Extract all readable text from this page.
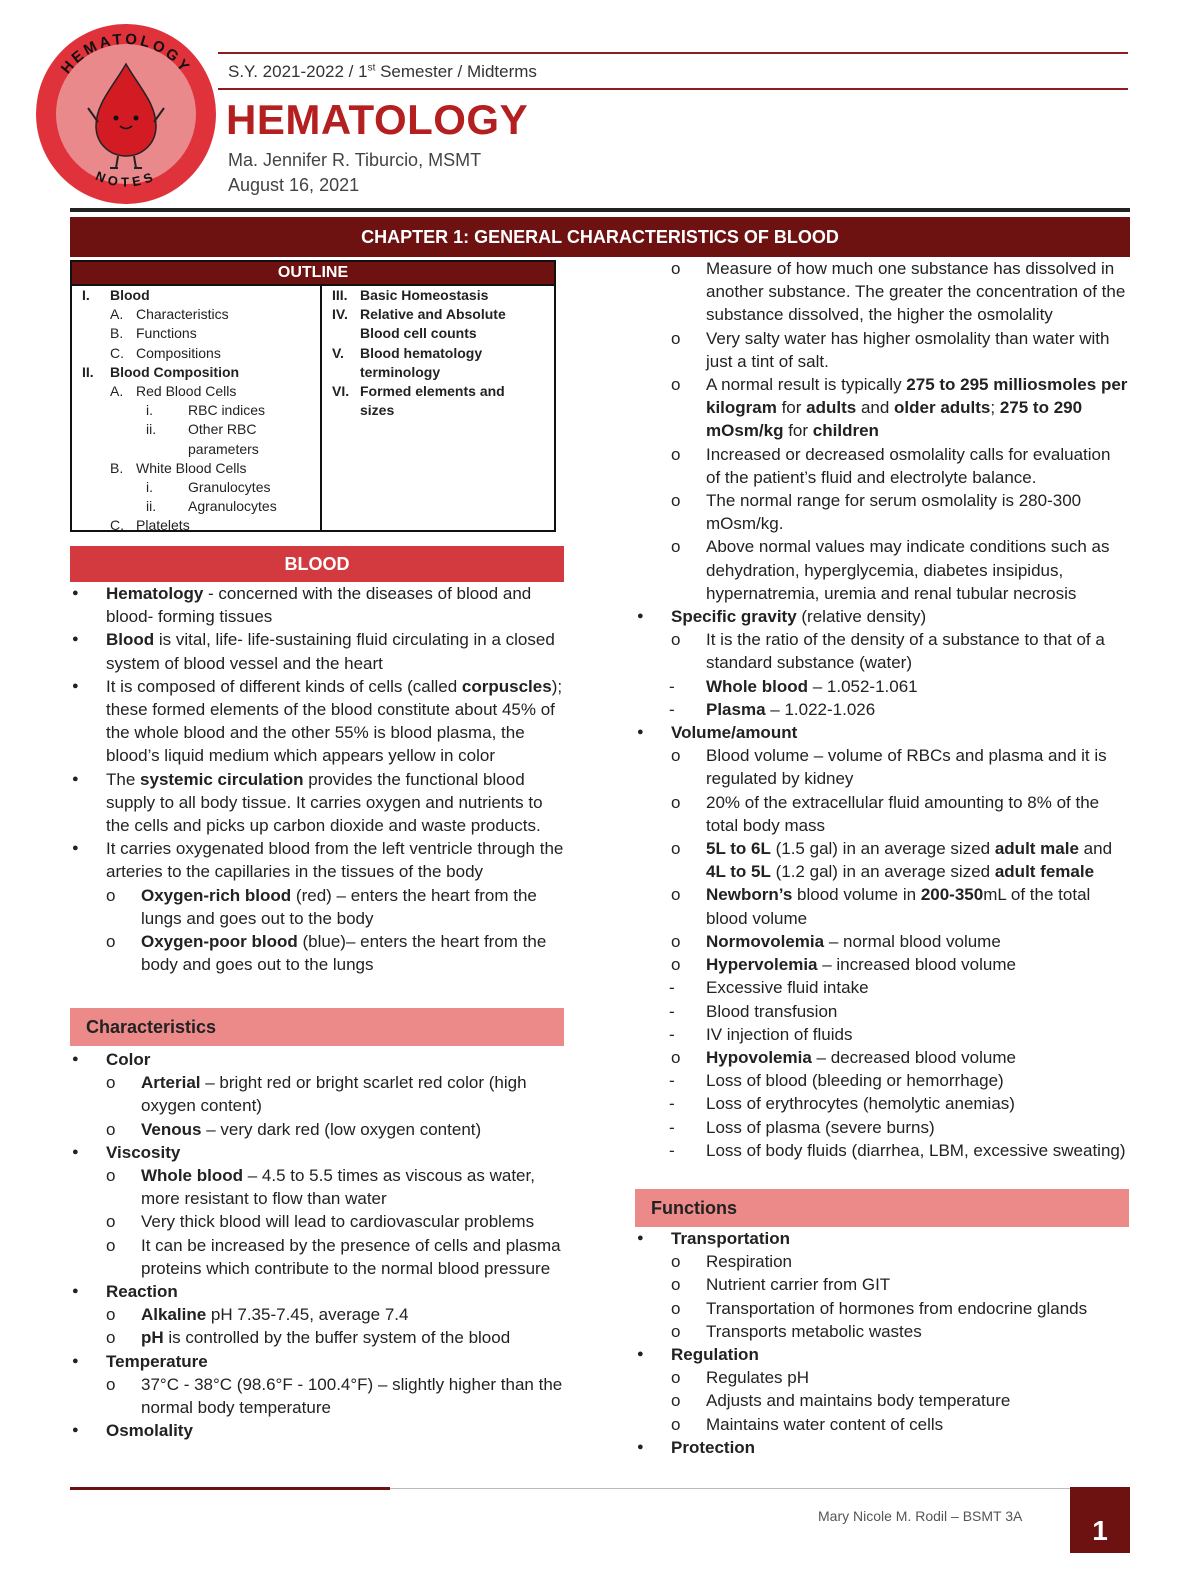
HEMATOLOGY
NOTES
S.Y. 2021-2022 / 1st Semester / Midterms
HEMATOLOGY
Ma. Jennifer R. Tiburcio, MSMT
August 16, 2021
CHAPTER 1: GENERAL CHARACTERISTICS OF BLOOD
OUTLINE
I. Blood
A. Characteristics
B. Functions
C. Compositions
II. Blood Composition
A. Red Blood Cells
i.	RBC indices
ii. Other RBC
parameters
B. White Blood Cells
i.	Granulocytes
ii. Agranulocytes
C. Platelets
III. Basic Homeostasis
IV. Relative and Absolute
Blood cell counts
V. Blood hematology
terminology
VI. Formed elements and
sizes
BLOOD
● Hematology - concerned with the diseases of blood and blood- forming tissues
● Blood is vital, life- life-sustaining fluid circulating in a closed system of blood vessel and the heart
● It is composed of different kinds of cells (called corpuscles); these formed elements of the blood constitute about 45% of the whole blood and the other 55% is blood plasma, the blood’s liquid medium which appears yellow in color
● The systemic circulation provides the functional blood supply to all body tissue. It carries oxygen and nutrients to the cells and picks up carbon dioxide and waste products.
● It carries oxygenated blood from the left ventricle through the arteries to the capillaries in the tissues of the body
o Oxygen-rich blood (red) – enters the heart from the lungs and goes out to the body
o Oxygen-poor blood (blue)– enters the heart from the body and goes out to the lungs
Characteristics
● Color
o Arterial – bright red or bright scarlet red color (high oxygen content)
o Venous – very dark red (low oxygen content)
● Viscosity
o Whole blood – 4.5 to 5.5 times as viscous as water, more resistant to flow than water
o Very thick blood will lead to cardiovascular problems
o It can be increased by the presence of cells and plasma proteins which contribute to the normal blood pressure
● Reaction
o Alkaline pH 7.35-7.45, average 7.4
o pH is controlled by the buffer system of the blood
● Temperature
o 37°C - 38°C (98.6°F - 100.4°F) – slightly higher than the normal body temperature
● Osmolality
o Measure of how much one substance has dissolved in another substance. The greater the concentration of the substance dissolved, the higher the osmolality
o Very salty water has higher osmolality than water with just a tint of salt.
o A normal result is typically 275 to 295 milliosmoles per kilogram for adults and older adults; 275 to 290 mOsm/kg for children
o Increased or decreased osmolality calls for evaluation of the patient’s fluid and electrolyte balance.
o The normal range for serum osmolality is 280-300 mOsm/kg.
o Above normal values may indicate conditions such as dehydration, hyperglycemia, diabetes insipidus, hypernatremia, uremia and renal tubular necrosis
● Specific gravity (relative density)
o It is the ratio of the density of a substance to that of a standard substance (water)
- Whole blood – 1.052-1.061
- Plasma – 1.022-1.026
● Volume/amount
o Blood volume – volume of RBCs and plasma and it is regulated by kidney
o 20% of the extracellular fluid amounting to 8% of the total body mass
o 5L to 6L (1.5 gal) in an average sized adult male and 4L to 5L (1.2 gal) in an average sized adult female
o Newborn’s blood volume in 200-350mL of the total blood volume
o Normovolemia – normal blood volume
o Hypervolemia – increased blood volume
- Excessive fluid intake
- Blood transfusion
- IV injection of fluids
o Hypovolemia – decreased blood volume
- Loss of blood (bleeding or hemorrhage)
- Loss of erythrocytes (hemolytic anemias)
- Loss of plasma (severe burns)
- Loss of body fluids (diarrhea, LBM, excessive sweating)
Functions
● Transportation
o Respiration
o Nutrient carrier from GIT
o Transportation of hormones from endocrine glands
o Transports metabolic wastes
● Regulation
o Regulates pH
o Adjusts and maintains body temperature
o Maintains water content of cells
● Protection
Mary Nicole M. Rodil – BSMT 3A	1
